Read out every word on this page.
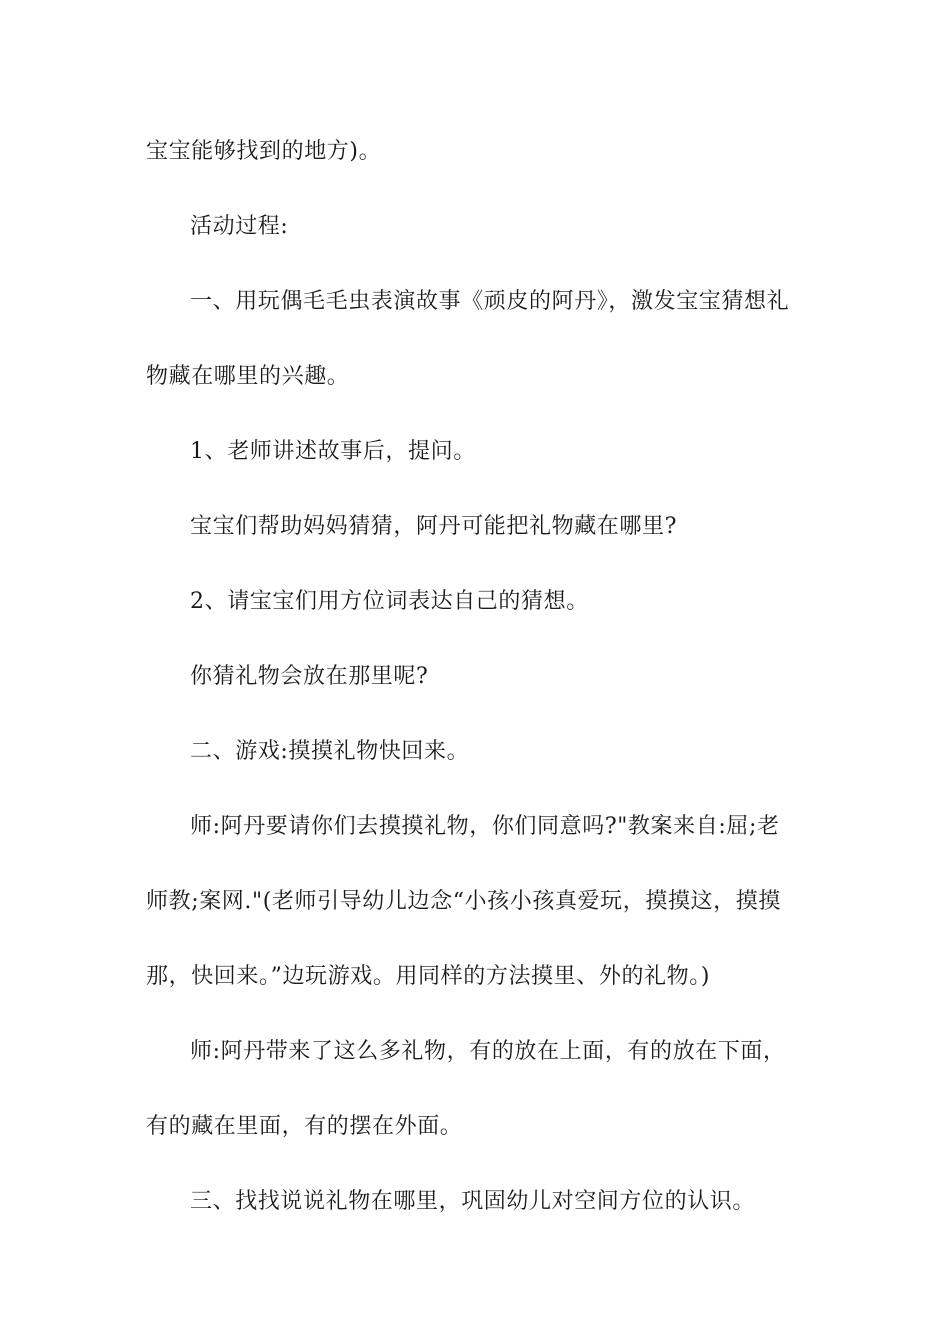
宝宝能够找到的地方)。
活动过程:
一、用玩偶毛毛虫表演故事《顽皮的阿丹》，激发宝宝猜想礼
物藏在哪里的兴趣。
1、老师讲述故事后，提问。
宝宝们帮助妈妈猜猜，阿丹可能把礼物藏在哪里?
2、请宝宝们用方位词表达自己的猜想。
你猜礼物会放在那里呢?
二、游戏:摸摸礼物快回来。
师:阿丹要请你们去摸摸礼物，你们同意吗?"教案来自:屈;老
师教;案网."(老师引导幼儿边念“小孩小孩真爱玩，摸摸这，摸摸
那，快回来。”边玩游戏。用同样的方法摸里、外的礼物。)
师:阿丹带来了这么多礼物，有的放在上面，有的放在下面，
有的藏在里面，有的摆在外面。
三、找找说说礼物在哪里，巩固幼儿对空间方位的认识。
